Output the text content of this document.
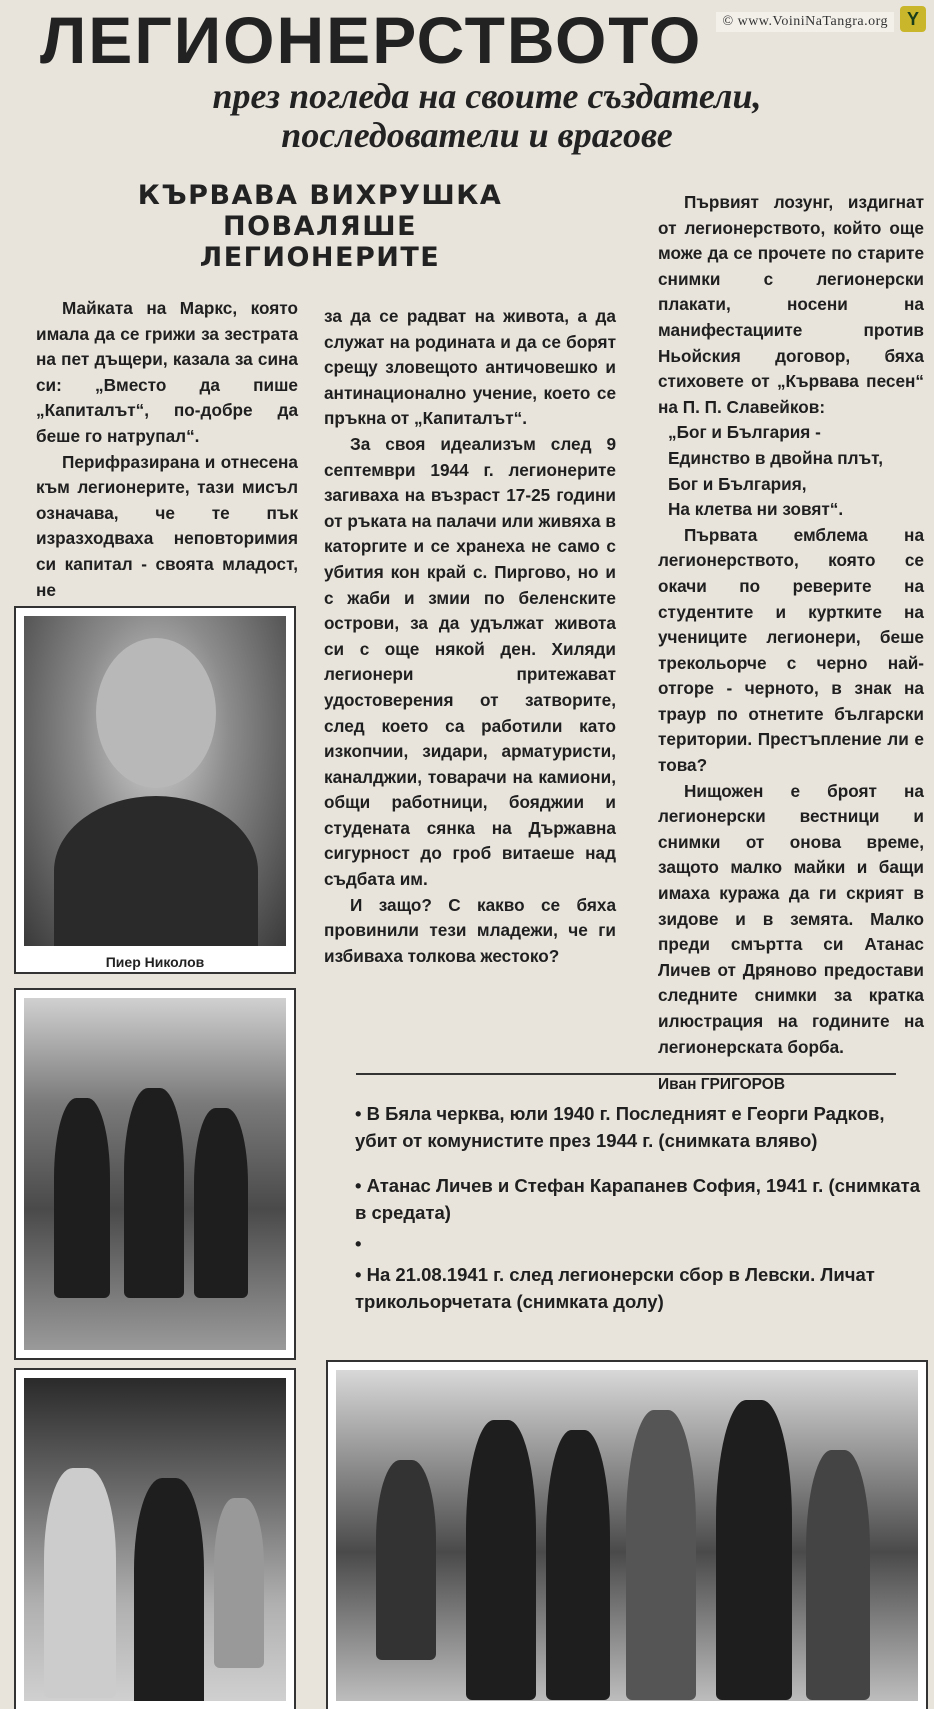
© www.VoiniNaTangra.org	Y
ЛЕГИОНЕРСТВОТО
през погледа на своите създатели,
последователи и врагове
КЪРВАВА ВИХРУШКА
ПОВАЛЯШЕ
ЛЕГИОНЕРИТЕ

Майката на Маркс, която имала да се грижи за зестрата на пет дъщери, казала за сина си: „Вместо да пише „Капиталът“, по-добре да беше го натрупал“.

Перифразирана и отнесена към легионерите, тази мисъл означава, че те пък изразходваха неповторимия си капитал - своята младост, не

за да се радват на живота, а да служат на родината и да се борят срещу зловещото античовешко и антинационално учение, което се пръкна от „Капиталът“.

За своя идеализъм след 9 септември 1944 г. легионерите загиваха на възраст 17-25 години от ръката на палачи или живяха в каторгите и се хранеха не само с убития кон край с. Пиргово, но и с жаби и змии по беленските острови, за да удължат живота си с още някой ден. Хиляди легионери притежават удостоверения от затворите, след което са работили като изкопчии, зидари, арматуристи, каналджии, товарачи на камиони, общи работници, бояджии и студената сянка на Държавна сигурност до гроб витаеше над съдбата им.

И защо? С какво се бяха провинили тези младежи, че ги избиваха толкова жестоко?

Първият лозунг, издигнат от легионерството, който още може да се прочете по старите снимки с легионерски плакати, носени на манифестациите против Ньойския договор, бяха стиховете от „Кървава песен“ на П. П. Славейков:

„Бог и България -

Единство в двойна плът,

Бог и България,

На клетва ни зовят“.

Първата емблема на легионерството, която се окачи по реверите на студентите и курткитe на учениците легионери, беше трекольорче с черно най-отгоре - черното, в знак на траур по отнетите български територии. Престъпление ли е това?

Нищожен е броят на легионерски вестници и снимки от онова време, защото малко майки и бащи имаха куража да ги скрият в зидове и в земята. Малко преди смъртта си Атанас Личев от Дряново предостави следните снимки за кратка илюстрация на годините на легионерската борба.

Иван ГРИГОРОВ

Пиер Николов

• В Бяла черква, юли 1940 г. Последният е Георги Радков, убит от комунистите през 1944 г. (снимката вляво)

• Атанас Личев и Стефан Карапанев София, 1941 г. (снимката в средата)

•

• На 21.08.1941 г. след легионерски сбор в Левски. Личат трикольорчетата (снимката долу)
